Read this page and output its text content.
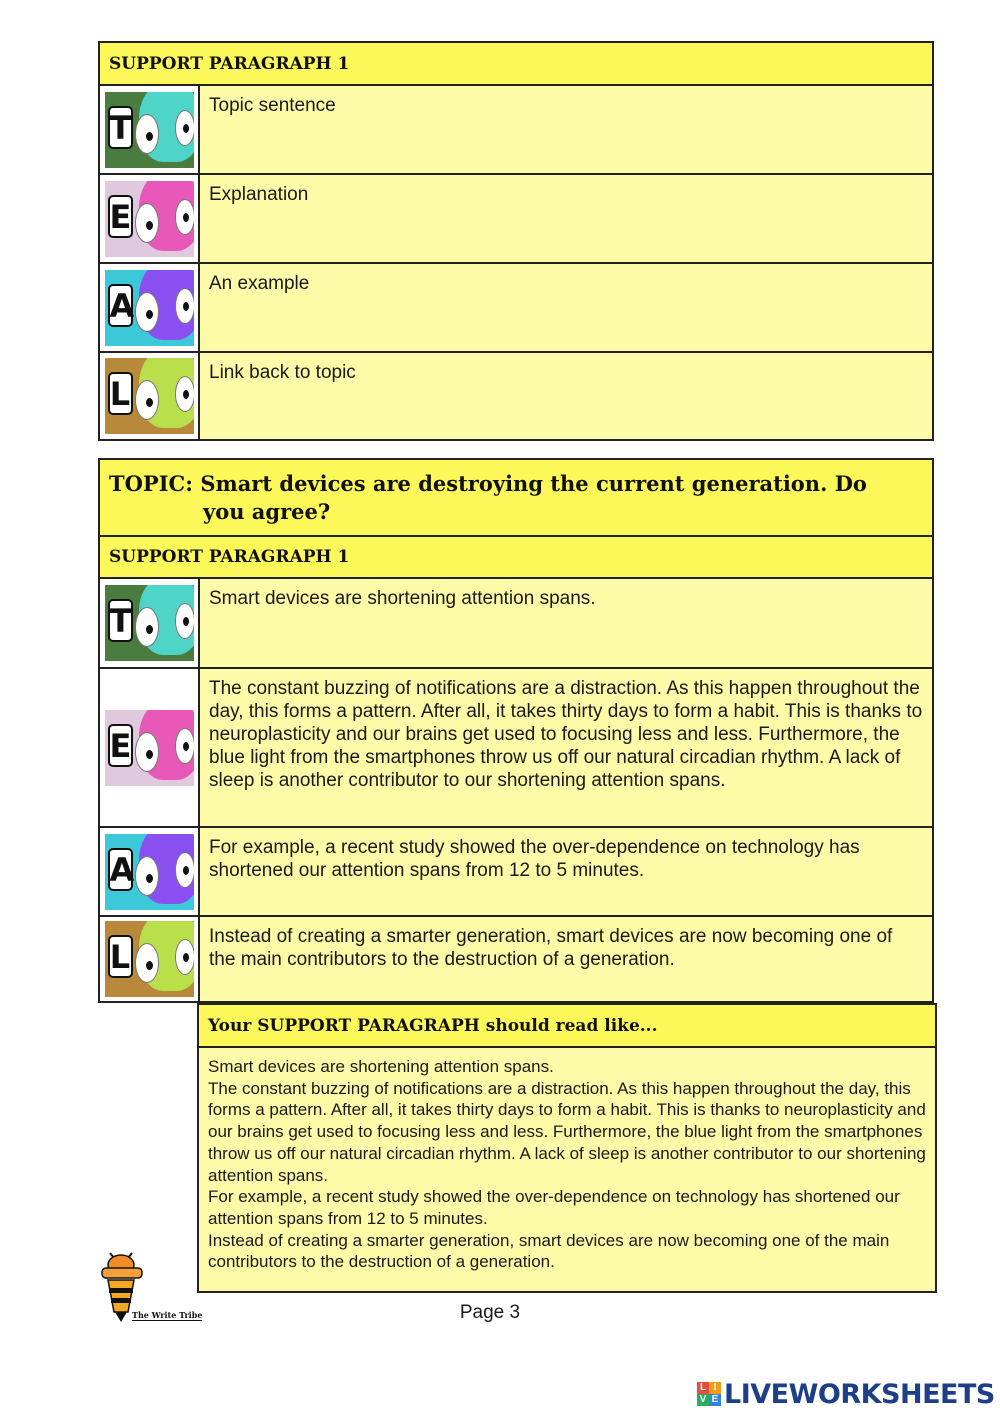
SUPPORT PARAGRAPH 1
T
Topic sentence
E
Explanation
A
An example
L
Link back to topic
TOPIC: Smart devices are destroying the current generation. Do
you agree?
SUPPORT PARAGRAPH 1
T
Smart devices are shortening attention spans.
E
The constant buzzing of notifications are a distraction. As this happen throughout the day, this forms a pattern. After all, it takes thirty days to form a habit. This is thanks to neuroplasticity and our brains get used to focusing less and less. Furthermore, the blue light from the smartphones throw us off our natural circadian rhythm. A lack of sleep is another contributor to our shortening attention spans.
A
For example, a recent study showed the over-dependence on technology has shortened our attention spans from 12 to 5 minutes.
L
Instead of creating a smarter generation, smart devices are now becoming one of the main contributors to the destruction of a generation.
Your SUPPORT PARAGRAPH should read like...
Smart devices are shortening attention spans.
The constant buzzing of notifications are a distraction. As this happen throughout the day, this forms a pattern. After all, it takes thirty days to form a habit. This is thanks to neuroplasticity and our brains get used to focusing less and less. Furthermore, the blue light from the smartphones throw us off our natural circadian rhythm. A lack of sleep is another contributor to our shortening attention spans.
For example, a recent study showed the over-dependence on technology has shortened our attention spans from 12 to 5 minutes.
Instead of creating a smarter generation, smart devices are now becoming one of the main contributors to the destruction of a generation.
The Write Tribe	Page 3
L I
V E LIVEWORKSHEETS
